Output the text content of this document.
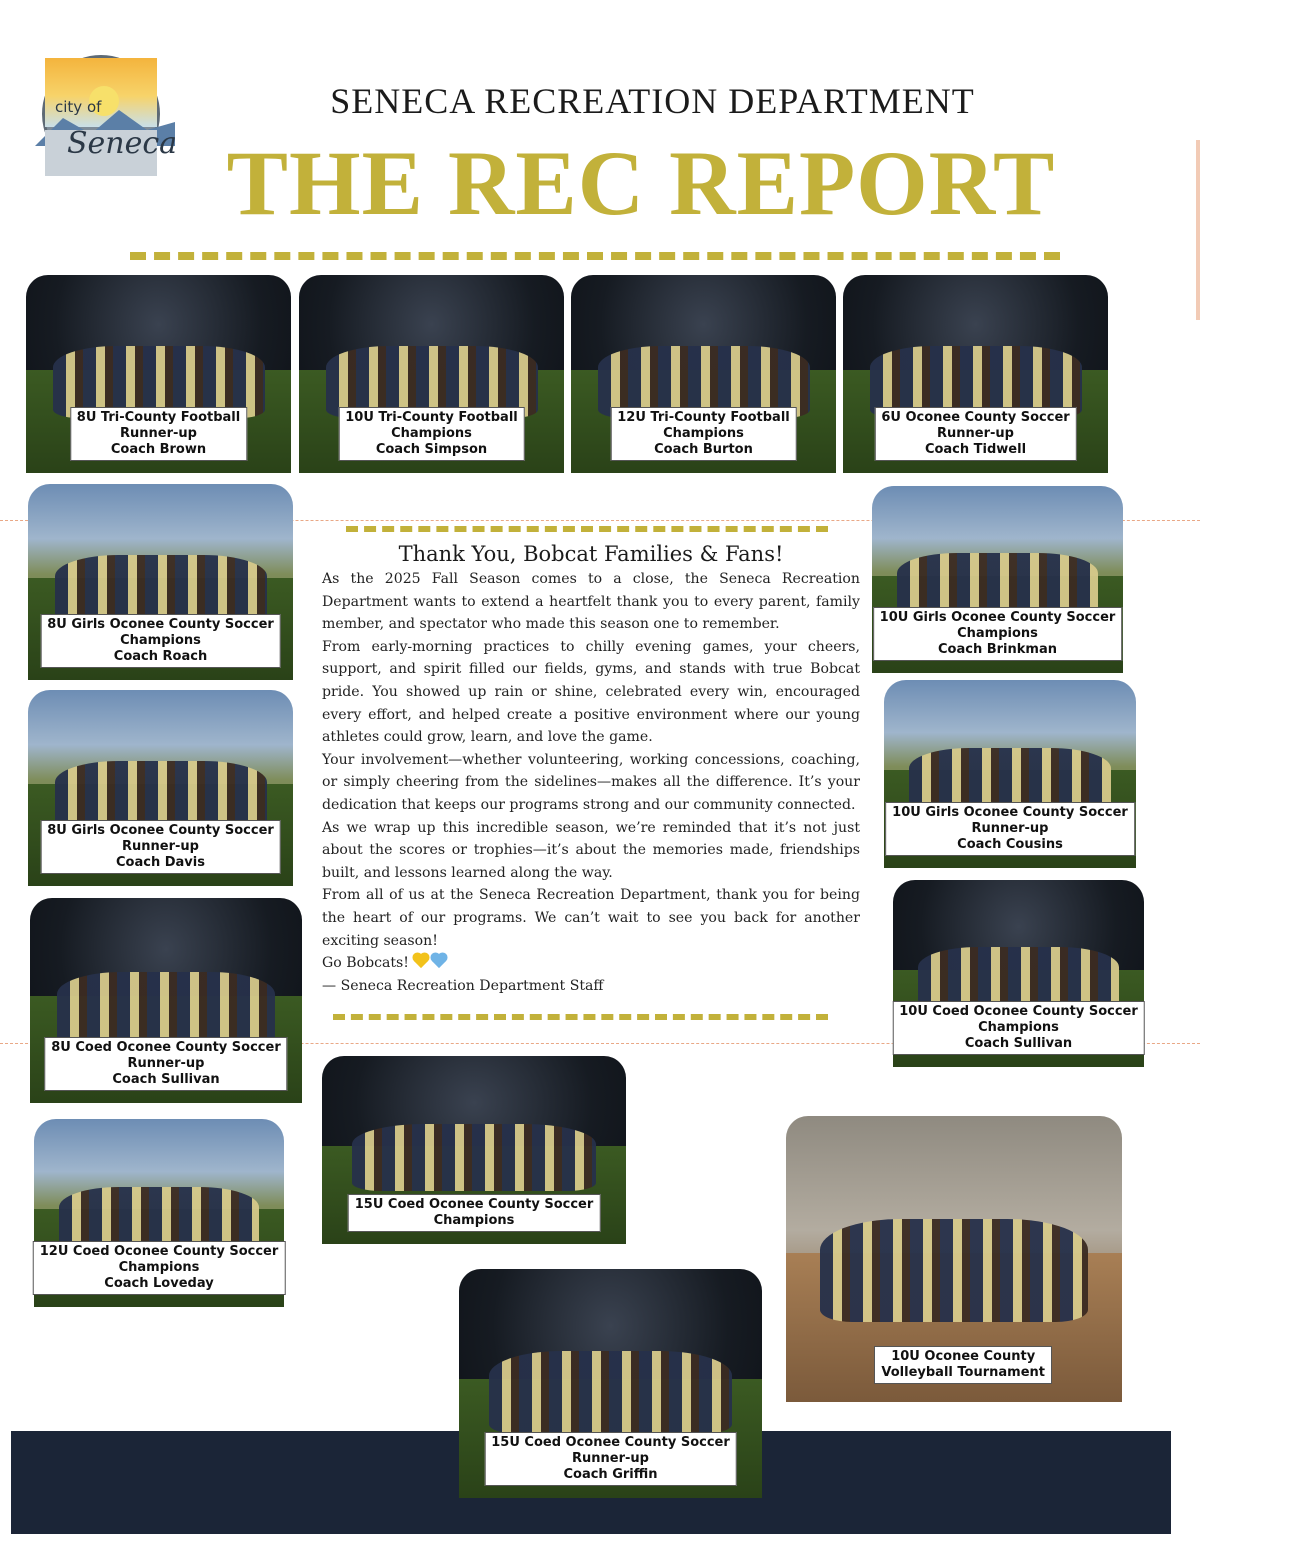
city of
Seneca
SENECA RECREATION DEPARTMENT
THE REC REPORT
8U Tri-County Football
Runner-up
Coach Brown
10U Tri-County Football
Champions
Coach Simpson
12U Tri-County Football
Champions
Coach Burton
6U Oconee County Soccer
Runner-up
Coach Tidwell
8U Girls Oconee County Soccer
Champions
Coach Roach
10U Girls Oconee County Soccer
Champions
Coach Brinkman
8U Girls Oconee County Soccer
Runner-up
Coach Davis
10U Girls Oconee County Soccer
Runner-up
Coach Cousins
8U Coed Oconee County Soccer
Runner-up
Coach Sullivan
10U Coed Oconee County Soccer
Champions
Coach Sullivan
15U Coed Oconee County Soccer
Champions
12U Coed Oconee County Soccer
Champions
Coach Loveday
10U Oconee County
Volleyball Tournament
15U Coed Oconee County Soccer
Runner-up
Coach Griffin
Thank You, Bobcat Families & Fans!

As the 2025 Fall Season comes to a close, the Seneca Recreation Department wants to extend a heartfelt thank you to every parent, family member, and spectator who made this season one to remember.

From early-morning practices to chilly evening games, your cheers, support, and spirit filled our fields, gyms, and stands with true Bobcat pride. You showed up rain or shine, celebrated every win, encouraged every effort, and helped create a positive environment where our young athletes could grow, learn, and love the game.

Your involvement—whether volunteering, working concessions, coaching, or simply cheering from the sidelines—makes all the difference. It’s your dedication that keeps our programs strong and our community connected.

As we wrap up this incredible season, we’re reminded that it’s not just about the scores or trophies—it’s about the memories made, friendships built, and lessons learned along the way.

From all of us at the Seneca Recreation Department, thank you for being the heart of our programs. We can’t wait to see you back for another exciting season!

Go Bobcats!

— Seneca Recreation Department Staff
